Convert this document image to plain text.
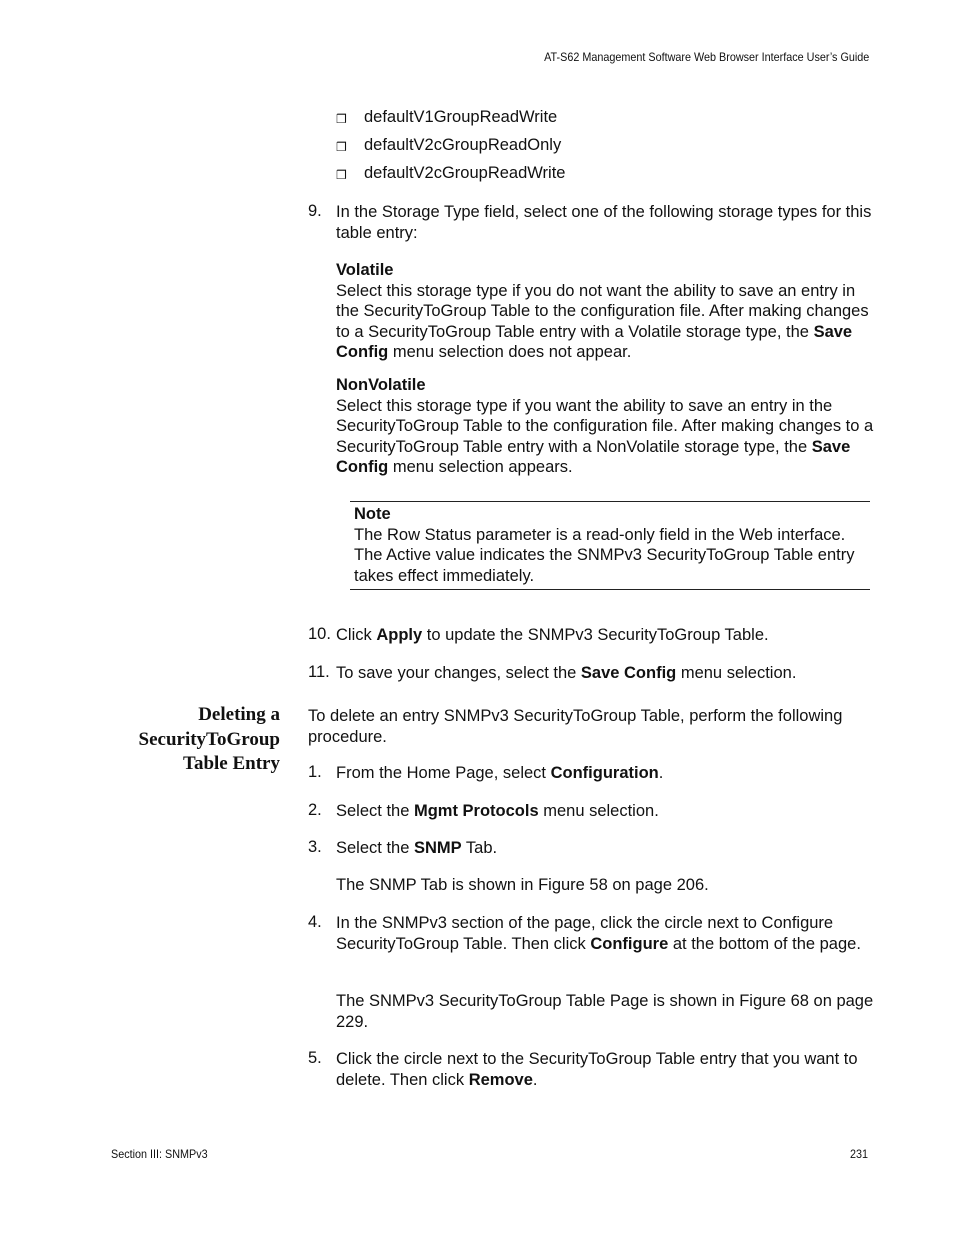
AT-S62 Management Software Web Browser Interface User’s Guide
❒ defaultV1GroupReadWrite
❒ defaultV2cGroupReadOnly
❒ defaultV2cGroupReadWrite
9. In the Storage Type field, select one of the following storage types for this table entry:
Volatile
Select this storage type if you do not want the ability to save an entry in the SecurityToGroup Table to the configuration file. After making changes to a SecurityToGroup Table entry with a Volatile storage type, the Save Config menu selection does not appear.
NonVolatile
Select this storage type if you want the ability to save an entry in the SecurityToGroup Table to the configuration file. After making changes to a SecurityToGroup Table entry with a NonVolatile storage type, the Save Config menu selection appears.
Note
The Row Status parameter is a read-only field in the Web interface. The Active value indicates the SNMPv3 SecurityToGroup Table entry takes effect immediately.
10. Click Apply to update the SNMPv3 SecurityToGroup Table.
11. To save your changes, select the Save Config menu selection.
Deleting a
SecurityToGroup
Table Entry
To delete an entry SNMPv3 SecurityToGroup Table, perform the following procedure.
1. From the Home Page, select Configuration.
2. Select the Mgmt Protocols menu selection.
3. Select the SNMP Tab.
The SNMP Tab is shown in Figure 58 on page 206.
4. In the SNMPv3 section of the page, click the circle next to Configure SecurityToGroup Table. Then click Configure at the bottom of the page.
The SNMPv3 SecurityToGroup Table Page is shown in Figure 68 on page 229.
5. Click the circle next to the SecurityToGroup Table entry that you want to delete. Then click Remove.
Section III: SNMPv3	231
